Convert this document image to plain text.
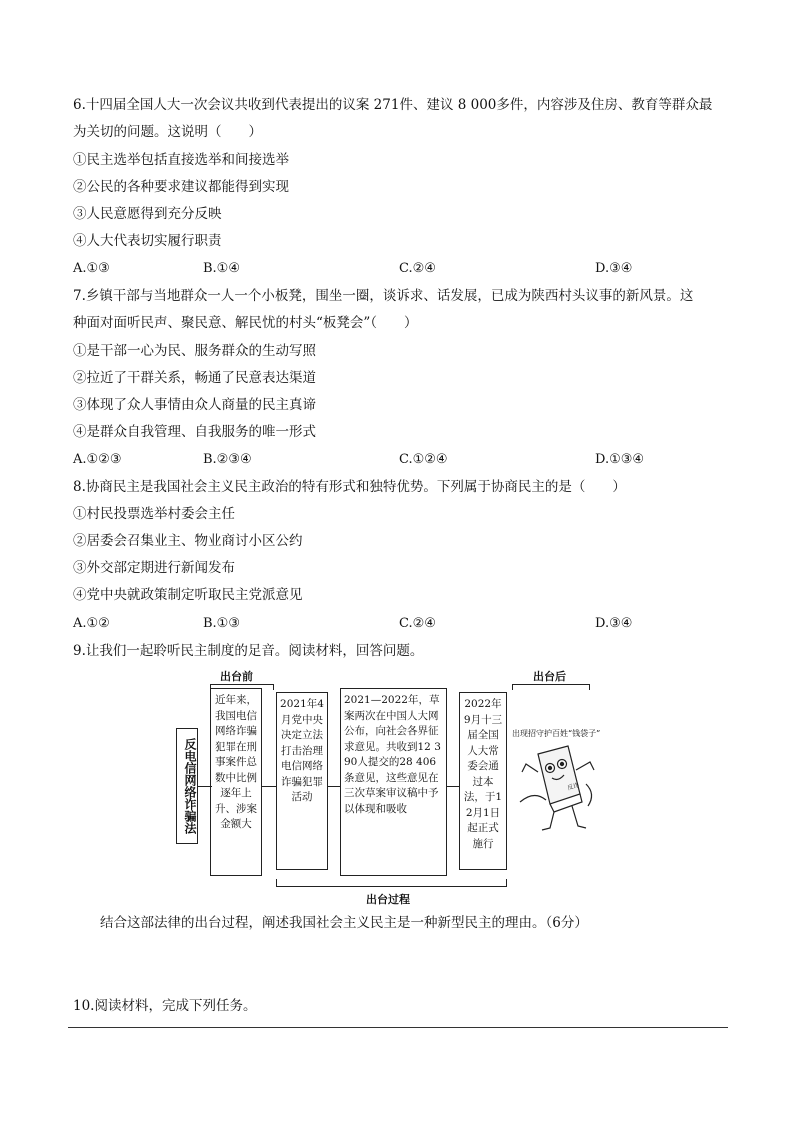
6.十四届全国人大一次会议共收到代表提出的议案 271件、建议 8 000多件，内容涉及住房、教育等群众最
为关切的问题。这说明（　　）
①民主选举包括直接选举和间接选举
②公民的各种要求建议都能得到实现
③人民意愿得到充分反映
④人大代表切实履行职责
A.①③	B.①④	C.②④	D.③④
7.乡镇干部与当地群众一人一个小板凳，围坐一圈，谈诉求、话发展，已成为陕西村头议事的新风景。这
种面对面听民声、聚民意、解民忧的村头“板凳会”（　　）
①是干部一心为民、服务群众的生动写照
②拉近了干群关系，畅通了民意表达渠道
③体现了众人事情由众人商量的民主真谛
④是群众自我管理、自我服务的唯一形式
A.①②③	B.②③④	C.①②④	D.①③④
8.协商民主是我国社会主义民主政治的特有形式和独特优势。下列属于协商民主的是（　　）
①村民投票选举村委会主任
②居委会召集业主、物业商讨小区公约
③外交部定期进行新闻发布
④党中央就政策制定听取民主党派意见
A.①②	B.①③	C.②④	D.③④
9.让我们一起聆听民主制度的足音。阅读材料，回答问题。
出台前	出台后
反电信网络诈骗法
近年来，我国电信网络诈骗犯罪在刑事案件总数中比例逐年上升、涉案金额大
2021年4月党中央决定立法打击治理电信网络诈骗犯罪活动
2021—2022年，草案两次在中国人大网公布，向社会各界征求意见。共收到12 390人提交的28 406条意见，这些意见在三次草案审议稿中予以体现和吸收
2022年9月十三届全国人大常委会通过本法，于12月1日起正式施行
出台过程
出现招守护百姓“钱袋子”
反诈
结合这部法律的出台过程，阐述我国社会主义民主是一种新型民主的理由。（6分）
10.阅读材料，完成下列任务。
